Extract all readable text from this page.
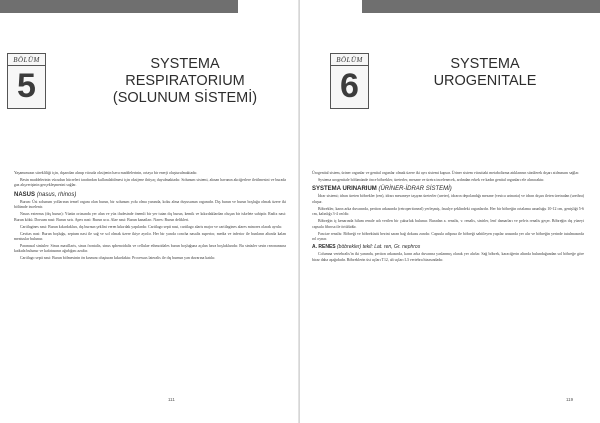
BÖLÜM
5
SYSTEMA RESPIRATORIUM
(SOLUNUM SİSTEMİ)

Yaşamımızın sürekliliği için, dışarıdan alınıp vücuda oksijenin hava maddelerinin, ortaya bir enerji oluşturulmaktadır.

Besin maddelerinin vücudun hücreleri tarafından kullanılabilmesi için oksijene ihtiyaç duyulmaktadır. Solunum sistemi, alınan havanın akciğerlere iletilmesini ve burada gaz alışverişinin gerçekleşmesini sağlar.

NASUS (nasus, rhinos)

Burun: Üst solunum yollarının temel organı olan burun, bir solunum yolu olma yanında, koku alma duyusunun organıdır. Dış burun ve burun boşluğu olmak üzere iki bölümde incelenir.

Nasus externus (dış burun): Yüzün ortasında yer alan ve yüz ifadesinde önemli bir yer tutan dış burun, kemik ve kıkırdaklardan oluşan bir iskelete sahiptir. Radix nasi: Burun kökü. Dorsum nasi: Burun sırtı. Apex nasi: Burun ucu. Alae nasi: Burun kanatları. Nares: Burun delikleri.

Cartilagines nasi: Burun kıkırdakları, dış burnun şeklini veren kıkırdak yapılardır. Cartilago septi nasi, cartilago alaris major ve cartilagines alares minores olarak ayrılır.

Cavitas nasi: Burun boşluğu, septum nasi ile sağ ve sol olmak üzere ikiye ayrılır. Her bir yarıda concha nasalis superior, media ve inferior ile bunların altında kalan meatuslar bulunur.

Paranasal sinüsler: Sinus maxillaris, sinus frontalis, sinus sphenoidalis ve cellulae ethmoidales burun boşluğuna açılan hava boşluklarıdır. Bu sinüsler sesin rezonansına katkıda bulunur ve kafatasının ağırlığını azaltır.

Cartilago septi nasi: Burun bölmesinin ön kısmını oluşturan kıkırdaktır. Processus lateralis ile dış burnun yan duvarına katılır.

111
BÖLÜM
6
SYSTEMA UROGENITALE

Ürogenital sistem, üriner organlar ve genital organlar olmak üzere iki ayrı sistemi kapsar. Üriner sistem vücuttaki metabolizma atıklarının süzülerek dışarı atılmasını sağlar.

Systema urogenitale bölümünde önce böbrekler, üreterler, mesane ve üretra incelenecek, ardından erkek ve kadın genital organları ele alınacaktır.

SYSTEMA URINARIUM (ÜRİNER-İDRAR SİSTEMİ)

İdrar sistemi; idrarı üreten böbrekler (ren), idrarı mesaneye taşıyan üreterler (ureter), idrarın depolandığı mesane (vesica urinaria) ve idrarı dışarı ileten üretradan (urethra) oluşur.

Böbrekler, karın arka duvarında, periton arkasında (retroperitoneal) yerleşmiş, fasulye şeklindeki organlardır. Her bir böbreğin ortalama uzunluğu 10-12 cm, genişliği 5-6 cm, kalınlığı 3-4 cm'dir.

Böbreğin iç kenarında hilum renale adı verilen bir çukurluk bulunur. Buradan a. renalis, v. renalis, sinirler, lenf damarları ve pelvis renalis geçer. Böbreğin dış yüzeyi capsula fibrosa ile örtülüdür.

Fasciae renalis: Böbreği ve böbreküstü bezini saran bağ dokusu zarıdır. Capsula adiposa ile böbreği sabitleyen yapılar arasında yer alır ve böbreğin yerinde tutulmasında rol oynar.

A. RENES (böbrekler) tekil: Lat. ren, Gr. nephros

Columna vertebralis'in iki yanında, periton arkasında, karın arka duvarına yaslanmış olarak yer alırlar. Sağ böbrek, karaciğerin altında bulunduğundan sol böbreğe göre biraz daha aşağıdadır. Böbreklerin üst uçları T12, alt uçları L3 vertebra hizasındadır.

119
